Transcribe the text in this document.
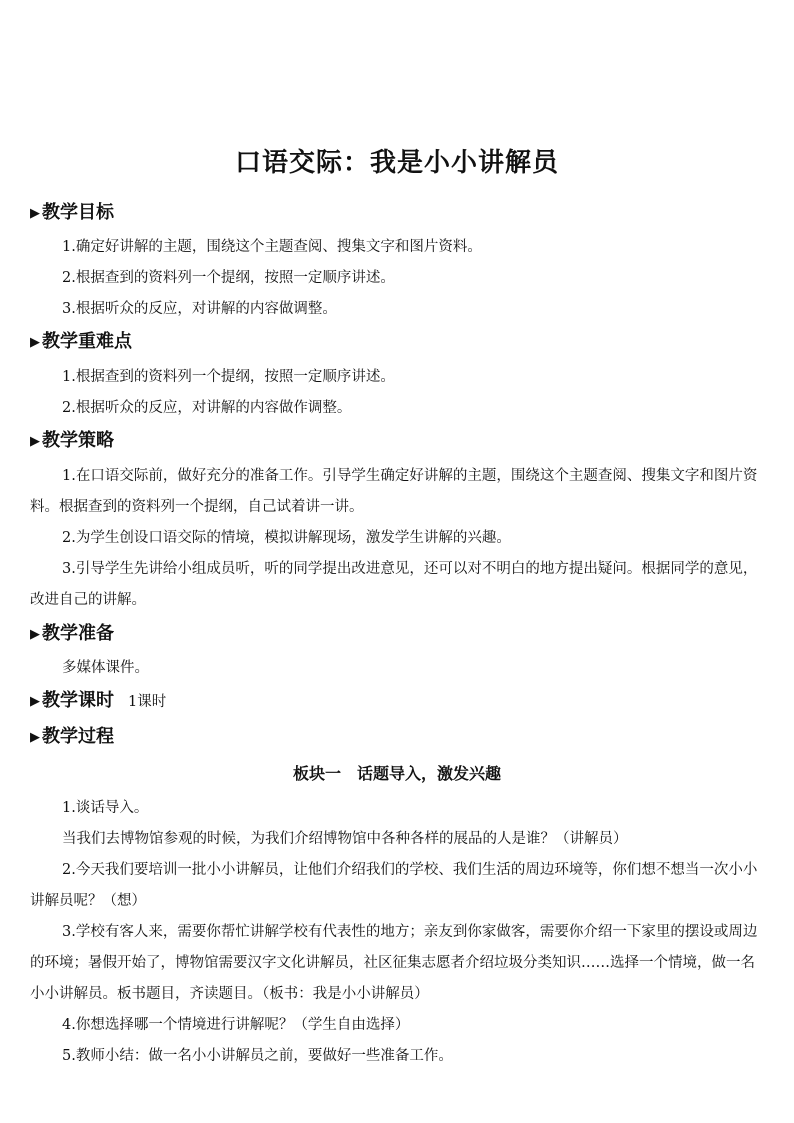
口语交际：我是小小讲解员
▶ 教学目标
1.确定好讲解的主题，围绕这个主题查阅、搜集文字和图片资料。
2.根据查到的资料列一个提纲，按照一定顺序讲述。
3.根据听众的反应，对讲解的内容做调整。
▶ 教学重难点
1.根据查到的资料列一个提纲，按照一定顺序讲述。
2.根据听众的反应，对讲解的内容做作调整。
▶ 教学策略
1.在口语交际前，做好充分的准备工作。引导学生确定好讲解的主题，围绕这个主题查阅、搜集文字和图片资料。根据查到的资料列一个提纲，自己试着讲一讲。
2.为学生创设口语交际的情境，模拟讲解现场，激发学生讲解的兴趣。
3.引导学生先讲给小组成员听，听的同学提出改进意见，还可以对不明白的地方提出疑问。根据同学的意见，改进自己的讲解。
▶ 教学准备
多媒体课件。
▶ 教学课时 1课时
▶ 教学过程
板块一　话题导入，激发兴趣
1.谈话导入。
当我们去博物馆参观的时候，为我们介绍博物馆中各种各样的展品的人是谁？（讲解员）
2.今天我们要培训一批小小讲解员，让他们介绍我们的学校、我们生活的周边环境等，你们想不想当一次小小讲解员呢？（想）
3.学校有客人来，需要你帮忙讲解学校有代表性的地方；亲友到你家做客，需要你介绍一下家里的摆设或周边的环境；暑假开始了，博物馆需要汉字文化讲解员，社区征集志愿者介绍垃圾分类知识……选择一个情境，做一名小小讲解员。板书题目，齐读题目。（板书：我是小小讲解员）
4.你想选择哪一个情境进行讲解呢？（学生自由选择）
5.教师小结：做一名小小讲解员之前，要做好一些准备工作。
